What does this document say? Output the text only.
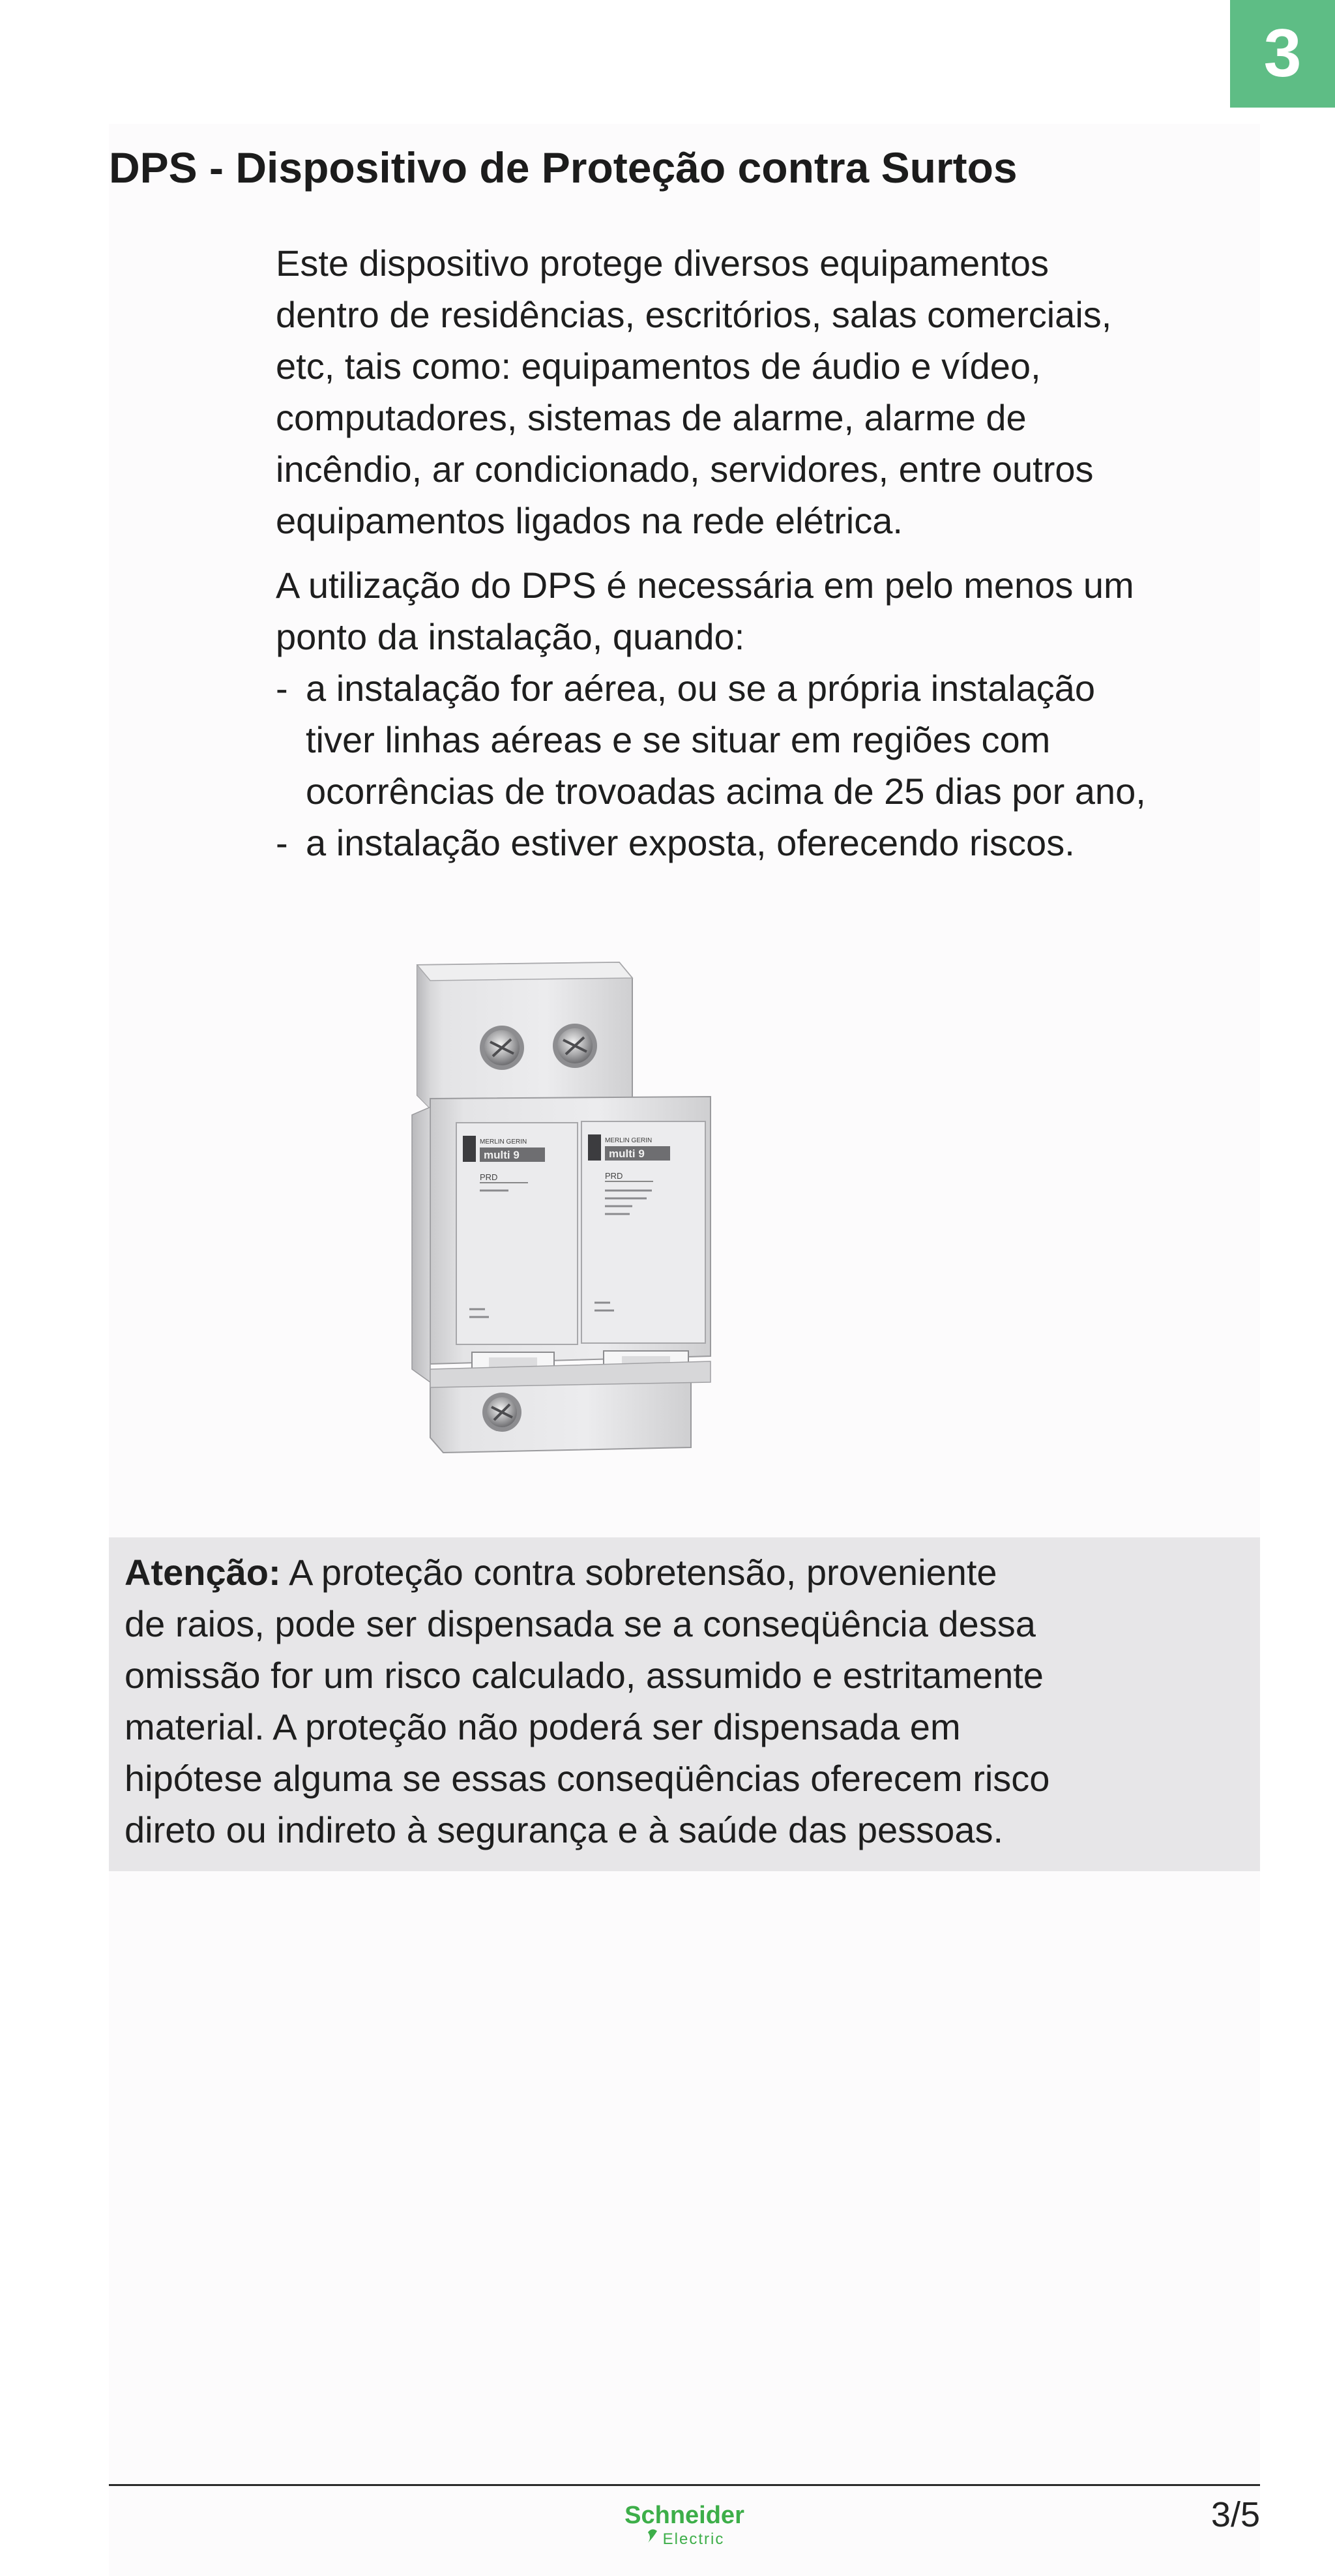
3
DPS - Dispositivo de Proteção contra Surtos

Este dispositivo protege diversos equipamentos
dentro de residências, escritórios, salas comerciais,
etc, tais como: equipamentos de áudio e vídeo,
computadores, sistemas de alarme, alarme de
incêndio, ar condicionado, servidores, entre outros
equipamentos ligados na rede elétrica.

A utilização do DPS é necessária em pelo menos um
ponto da instalação, quando:

- a instalação for aérea, ou se a própria instalação
tiver linhas aéreas e se situar em regiões com
ocorrências de trovoadas acima de 25 dias por ano,
- a instalação estiver exposta, oferecendo riscos.
MERLIN GERIN	MERLIN GERIN
multi 9	multi 9
PRD	PRD

Atenção: A proteção contra sobretensão, proveniente
de raios, pode ser dispensada se a conseqüência dessa
omissão for um risco calculado, assumido e estritamente
material. A proteção não poderá ser dispensada em
hipótese alguma se essas conseqüências oferecem risco
direto ou indireto à segurança e à saúde das pessoas.

Schneider
Electric
3/5
